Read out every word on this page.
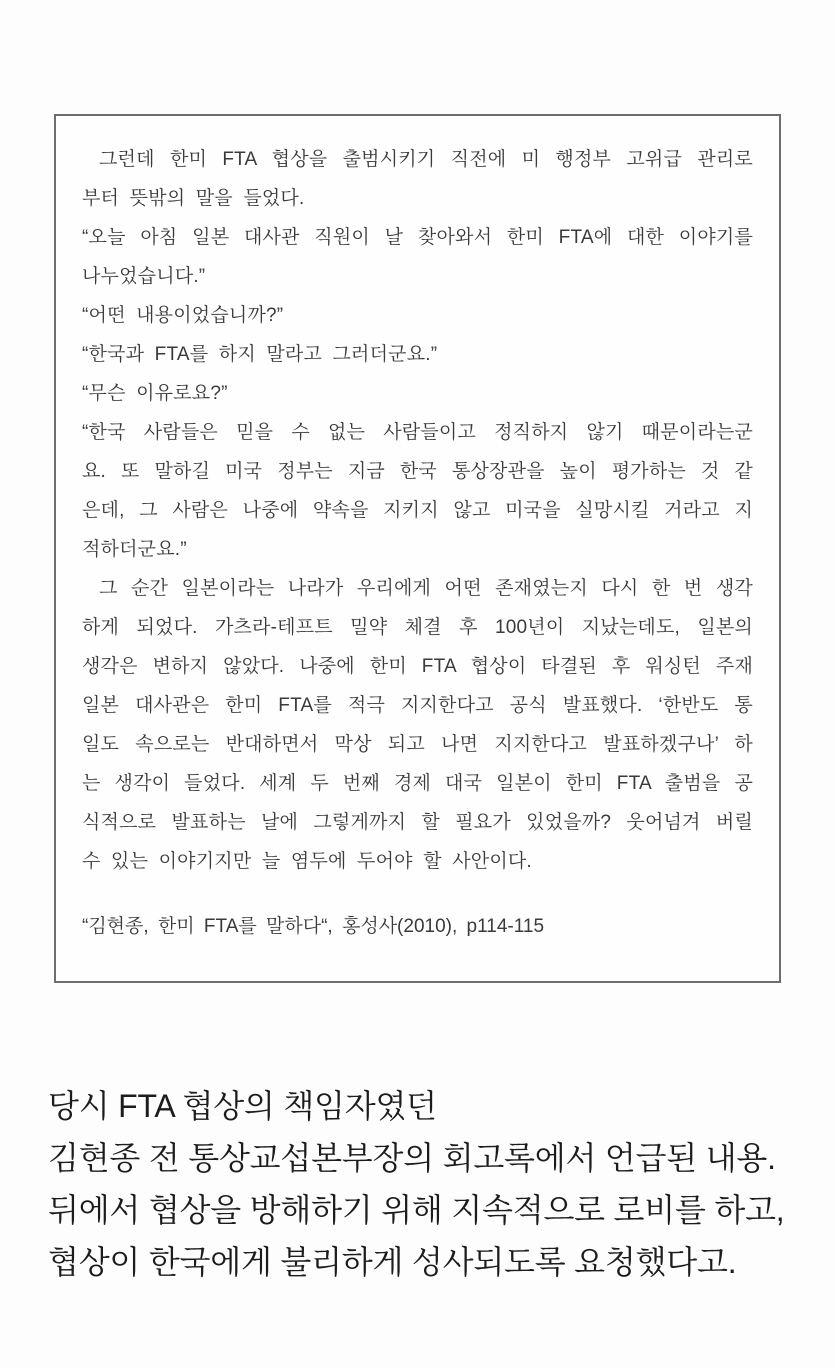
그런데 한미 FTA 협상을 출범시키기 직전에 미 행정부 고위급 관리로
부터 뜻밖의 말을 들었다.
“오늘 아침 일본 대사관 직원이 날 찾아와서 한미 FTA에 대한 이야기를
나누었습니다.”
“어떤 내용이었습니까?”
“한국과 FTA를 하지 말라고 그러더군요.”
“무슨 이유로요?”
“한국 사람들은 믿을 수 없는 사람들이고 정직하지 않기 때문이라는군
요. 또 말하길 미국 정부는 지금 한국 통상장관을 높이 평가하는 것 같
은데, 그 사람은 나중에 약속을 지키지 않고 미국을 실망시킬 거라고 지
적하더군요.”
그 순간 일본이라는 나라가 우리에게 어떤 존재였는지 다시 한 번 생각
하게 되었다. 가츠라-테프트 밀약 체결 후 100년이 지났는데도, 일본의
생각은 변하지 않았다. 나중에 한미 FTA 협상이 타결된 후 워싱턴 주재
일본 대사관은 한미 FTA를 적극 지지한다고 공식 발표했다. ‘한반도 통
일도 속으로는 반대하면서 막상 되고 나면 지지한다고 발표하겠구나’ 하
는 생각이 들었다. 세계 두 번째 경제 대국 일본이 한미 FTA 출범을 공
식적으로 발표하는 날에 그렇게까지 할 필요가 있었을까? 웃어넘겨 버릴
수 있는 이야기지만 늘 염두에 두어야 할 사안이다.
“김현종, 한미 FTA를 말하다“, 홍성사(2010), p114-115
당시 FTA 협상의 책임자였던
김현종 전 통상교섭본부장의 회고록에서 언급된 내용.
뒤에서 협상을 방해하기 위해 지속적으로 로비를 하고,
협상이 한국에게 불리하게 성사되도록 요청했다고.
